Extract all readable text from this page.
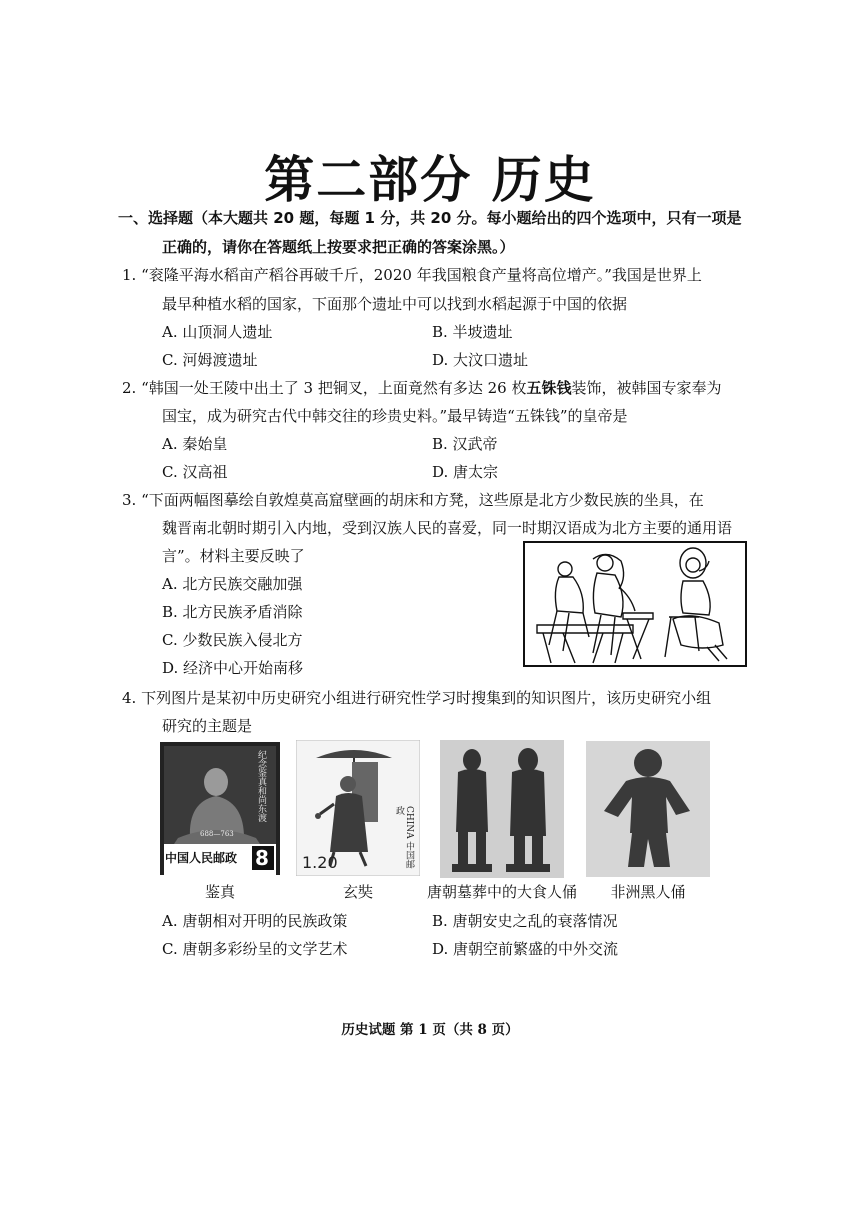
第二部分 历史
一、选择题（本大题共 20 题，每题 1 分，共 20 分。每小题给出的四个选项中，只有一项是
正确的，请你在答题纸上按要求把正确的答案涂黑。）
1. “衮隆平海水稻亩产稻谷再破千斤，2020 年我国粮食产量将高位增产。”我国是世界上
最早种植水稻的国家，下面那个遗址中可以找到水稻起源于中国的依据
A. 山顶洞人遗址	B. 半坡遗址
C. 河姆渡遗址	D. 大汶口遗址
2. “韩国一处王陵中出土了 3 把铜叉，上面竟然有多达 26 枚五铢钱装饰，被韩国专家奉为
国宝，成为研究古代中韩交往的珍贵史料。”最早铸造“五铢钱”的皇帝是
A. 秦始皇	B. 汉武帝
C. 汉高祖	D. 唐太宗
3. “下面两幅图摹绘自敦煌莫高窟壁画的胡床和方凳，这些原是北方少数民族的坐具，在
魏晋南北朝时期引入内地，受到汉族人民的喜爱，同一时期汉语成为北方主要的通用语
言”。材料主要反映了
A. 北方民族交融加强
B. 北方民族矛盾消除
C. 少数民族入侵北方
D. 经济中心开始南移
4. 下列图片是某初中历史研究小组进行研究性学习时搜集到的知识图片，该历史研究小组
研究的主题是
纪念鉴真和尚东渡
688—763
中国人民邮政 8	CHINA 中国邮政
1.20
鉴真	玄奘	唐朝墓葬中的大食人俑	非洲黑人俑
A. 唐朝相对开明的民族政策	B. 唐朝安史之乱的衰落情况
C. 唐朝多彩纷呈的文学艺术	D. 唐朝空前繁盛的中外交流
历史试题 第 1 页（共 8 页）
